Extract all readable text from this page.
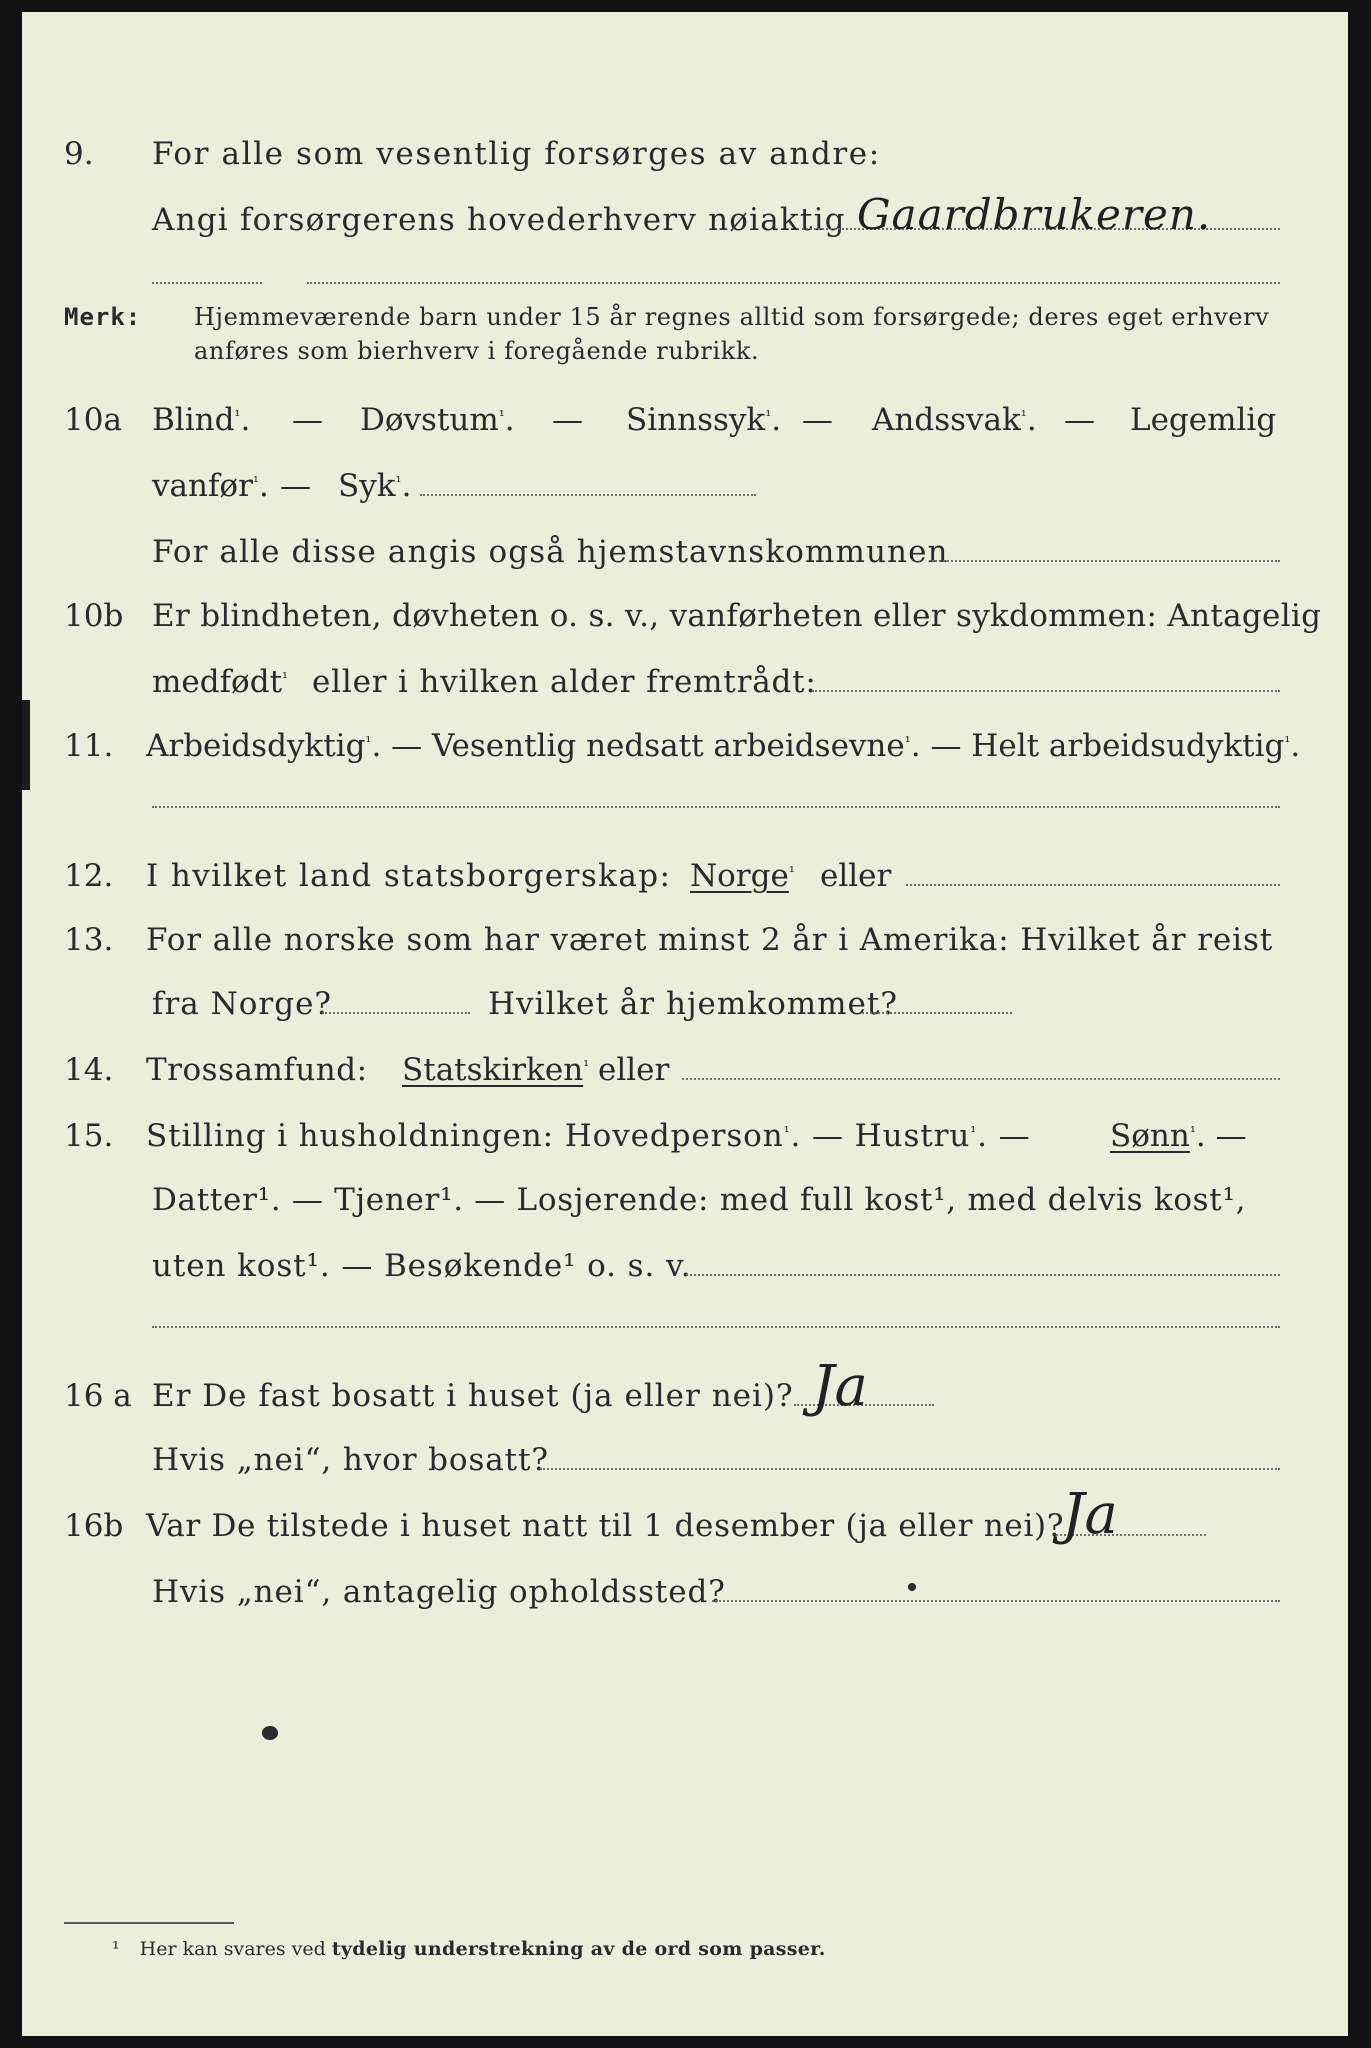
9. For alle som vesentlig forsørges av andre:
Angi forsørgerens hovederhverv nøiaktig Gaardbrukeren.
Merk: Hjemmeværende barn under 15 år regnes alltid som forsørgede; deres eget erhverv
anføres som bierhverv i foregående rubrikk.
10a Blind$^{^1}$. — Døvstum$^{^1}$. — Sinnssyk$^{^1}$. — Andssvak$^{^1}$. — Legemlig
vanfør$^{^1}$. — Syk$^{^1}$.
For alle disse angis også hjemstavnskommunen
10b Er blindheten, døvheten o. s. v., vanførheten eller sykdommen: Antagelig
medfødt$^{^1}$ eller i hvilken alder fremtrådt:
11. Arbeidsdyktig$^{^1}$. — Vesentlig nedsatt arbeidsevne$^{^1}$. — Helt arbeidsudyktig$^{^1}$.
12. I hvilket land statsborgerskap: Norge$^{^1}$ eller
13. For alle norske som har været minst 2 år i Amerika: Hvilket år reist
fra Norge?	Hvilket år hjemkommet?
14. Trossamfund: Statskirken$^{^1}$ eller
15. Stilling i husholdningen: Hovedperson$^{^1}$. — Hustru$^{^1}$. —	Sønn$^{^1}$. —
Datter¹. — Tjener¹. — Losjerende: med full kost¹, med delvis kost¹,
uten kost¹. — Besøkende¹ o. s. v.
16 a Er De fast bosatt i huset (ja eller nei)? Ja
Hvis „nei“, hvor bosatt?
16b Var De tilstede i huset natt til 1 desember (ja eller nei)?
Ja
Hvis „nei“, antagelig opholdssted?
¹ Her kan svares ved tydelig understrekning av de ord som passer.
